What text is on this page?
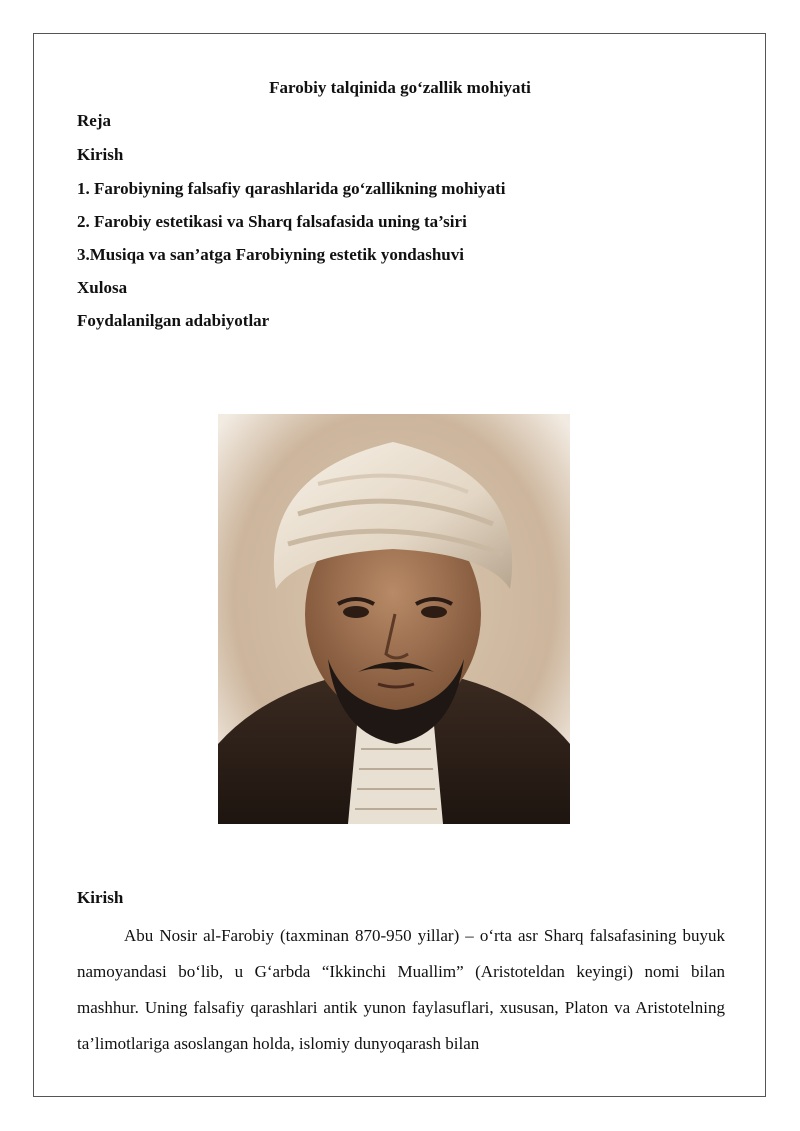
Farobiy talqinida go‘zallik mohiyati
Reja
Kirish
1. Farobiyning falsafiy qarashlarida go‘zallikning mohiyati
2. Farobiy estetikasi va Sharq falsafasida uning ta’siri
3.Musiqa va san’atga Farobiyning estetik yondashuvi
Xulosa
Foydalanilgan adabiyotlar
Kirish

Abu Nosir al-Farobiy (taxminan 870-950 yillar) – o‘rta asr Sharq falsafasining buyuk namoyandasi bo‘lib, u G‘arbda “Ikkinchi Muallim” (Aristoteldan keyingi) nomi bilan mashhur. Uning falsafiy qarashlari antik yunon faylasuflari, xususan, Platon va Aristotelning ta’limotlariga asoslangan holda, islomiy dunyoqarash bilan
